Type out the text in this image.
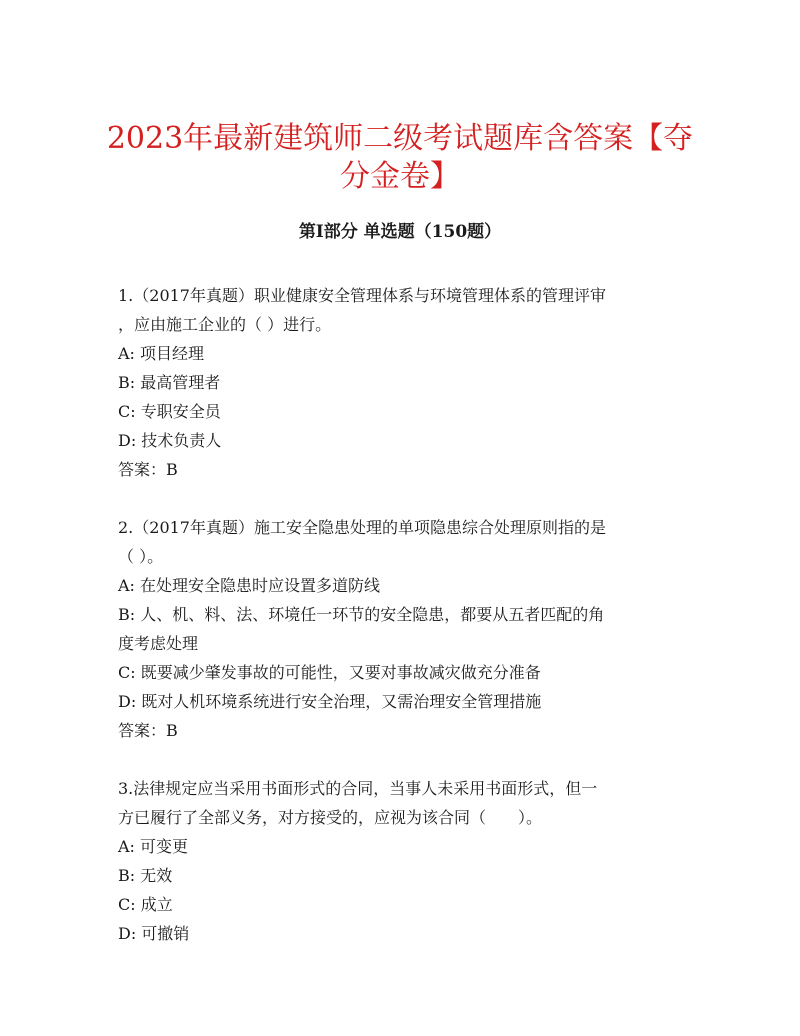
2023年最新建筑师二级考试题库含答案【夺
分金卷】
第I部分 单选题（150题）
1.（2017年真题）职业健康安全管理体系与环境管理体系的管理评审
，应由施工企业的（ ）进行。
A: 项目经理
B: 最高管理者
C: 专职安全员
D: 技术负责人
答案：B
2.（2017年真题）施工安全隐患处理的单项隐患综合处理原则指的是
（ ）。
A: 在处理安全隐患时应设置多道防线
B: 人、机、料、法、环境任一环节的安全隐患，都要从五者匹配的角
度考虑处理
C: 既要减少肇发事故的可能性，又要对事故减灾做充分准备
D: 既对人机环境系统进行安全治理，又需治理安全管理措施
答案：B
3.法律规定应当采用书面形式的合同，当事人未采用书面形式，但一
方已履行了全部义务，对方接受的，应视为该合同（　　）。
A: 可变更
B: 无效
C: 成立
D: 可撤销
